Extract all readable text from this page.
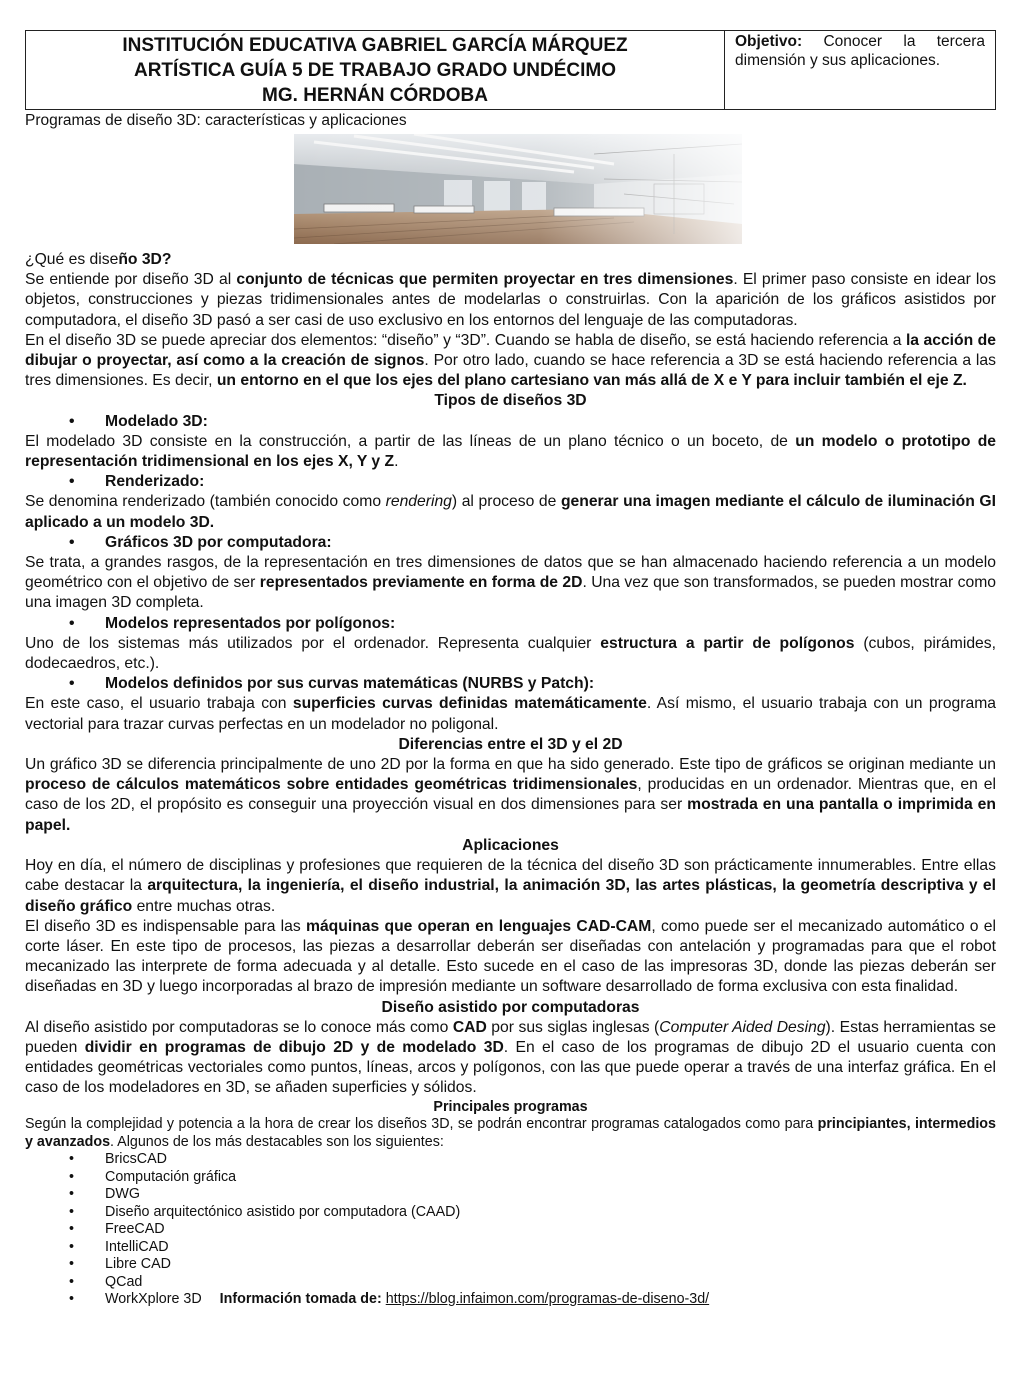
INSTITUCIÓN EDUCATIVA GABRIEL GARCÍA MÁRQUEZ
ARTÍSTICA GUÍA 5 DE TRABAJO GRADO UNDÉCIMO
MG. HERNÁN CÓRDOBA
Objetivo: Conocer la tercera dimensión y sus aplicaciones.
Programas de diseño 3D: características y aplicaciones

¿Qué es diseño 3D?

Se entiende por diseño 3D al conjunto de técnicas que permiten proyectar en tres dimensiones. El primer paso consiste en idear los objetos, construcciones y piezas tridimensionales antes de modelarlas o construirlas. Con la aparición de los gráficos asistidos por computadora, el diseño 3D pasó a ser casi de uso exclusivo en los entornos del lenguaje de las computadoras.

En el diseño 3D se puede apreciar dos elementos: “diseño” y “3D”. Cuando se habla de diseño, se está haciendo referencia a la acción de dibujar o proyectar, así como a la creación de signos. Por otro lado, cuando se hace referencia a 3D se está haciendo referencia a las tres dimensiones. Es decir, un entorno en el que los ejes del plano cartesiano van más allá de X e Y para incluir también el eje Z.

Tipos de diseños 3D
• Modelado 3D:

El modelado 3D consiste en la construcción, a partir de las líneas de un plano técnico o un boceto, de un modelo o prototipo de representación tridimensional en los ejes X, Y y Z.

• Renderizado:

Se denomina renderizado (también conocido como rendering) al proceso de generar una imagen mediante el cálculo de iluminación GI aplicado a un modelo 3D.

• Gráficos 3D por computadora:

Se trata, a grandes rasgos, de la representación en tres dimensiones de datos que se han almacenado haciendo referencia a un modelo geométrico con el objetivo de ser representados previamente en forma de 2D. Una vez que son transformados, se pueden mostrar como una imagen 3D completa.

• Modelos representados por polígonos:

Uno de los sistemas más utilizados por el ordenador. Representa cualquier estructura a partir de polígonos (cubos, pirámides, dodecaedros, etc.).

• Modelos definidos por sus curvas matemáticas (NURBS y Patch):

En este caso, el usuario trabaja con superficies curvas definidas matemáticamente. Así mismo, el usuario trabaja con un programa vectorial para trazar curvas perfectas en un modelador no poligonal.

Diferencias entre el 3D y el 2D

Un gráfico 3D se diferencia principalmente de uno 2D por la forma en que ha sido generado. Este tipo de gráficos se originan mediante un proceso de cálculos matemáticos sobre entidades geométricas tridimensionales, producidas en un ordenador. Mientras que, en el caso de los 2D, el propósito es conseguir una proyección visual en dos dimensiones para ser mostrada en una pantalla o imprimida en papel.

Aplicaciones

Hoy en día, el número de disciplinas y profesiones que requieren de la técnica del diseño 3D son prácticamente innumerables. Entre ellas cabe destacar la arquitectura, la ingeniería, el diseño industrial, la animación 3D, las artes plásticas, la geometría descriptiva y el diseño gráfico entre muchas otras.

El diseño 3D es indispensable para las máquinas que operan en lenguajes CAD-CAM, como puede ser el mecanizado automático o el corte láser. En este tipo de procesos, las piezas a desarrollar deberán ser diseñadas con antelación y programadas para que el robot mecanizado las interprete de forma adecuada y al detalle. Esto sucede en el caso de las impresoras 3D, donde las piezas deberán ser diseñadas en 3D y luego incorporadas al brazo de impresión mediante un software desarrollado de forma exclusiva con esta finalidad.

Diseño asistido por computadoras

Al diseño asistido por computadoras se lo conoce más como CAD por sus siglas inglesas (Computer Aided Desing). Estas herramientas se pueden dividir en programas de dibujo 2D y de modelado 3D. En el caso de los programas de dibujo 2D el usuario cuenta con entidades geométricas vectoriales como puntos, líneas, arcos y polígonos, con las que puede operar a través de una interfaz gráfica. En el caso de los modeladores en 3D, se añaden superficies y sólidos.

Principales programas

Según la complejidad y potencia a la hora de crear los diseños 3D, se podrán encontrar programas catalogados como para principiantes, intermedios y avanzados. Algunos de los más destacables son los siguientes:

• BricsCAD
• Computación gráfica
• DWG
• Diseño arquitectónico asistido por computadora (CAAD)
• FreeCAD
• IntelliCAD
• Libre CAD
• QCad
• WorkXplore 3D Información tomada de: https://blog.infaimon.com/programas-de-diseno-3d/
